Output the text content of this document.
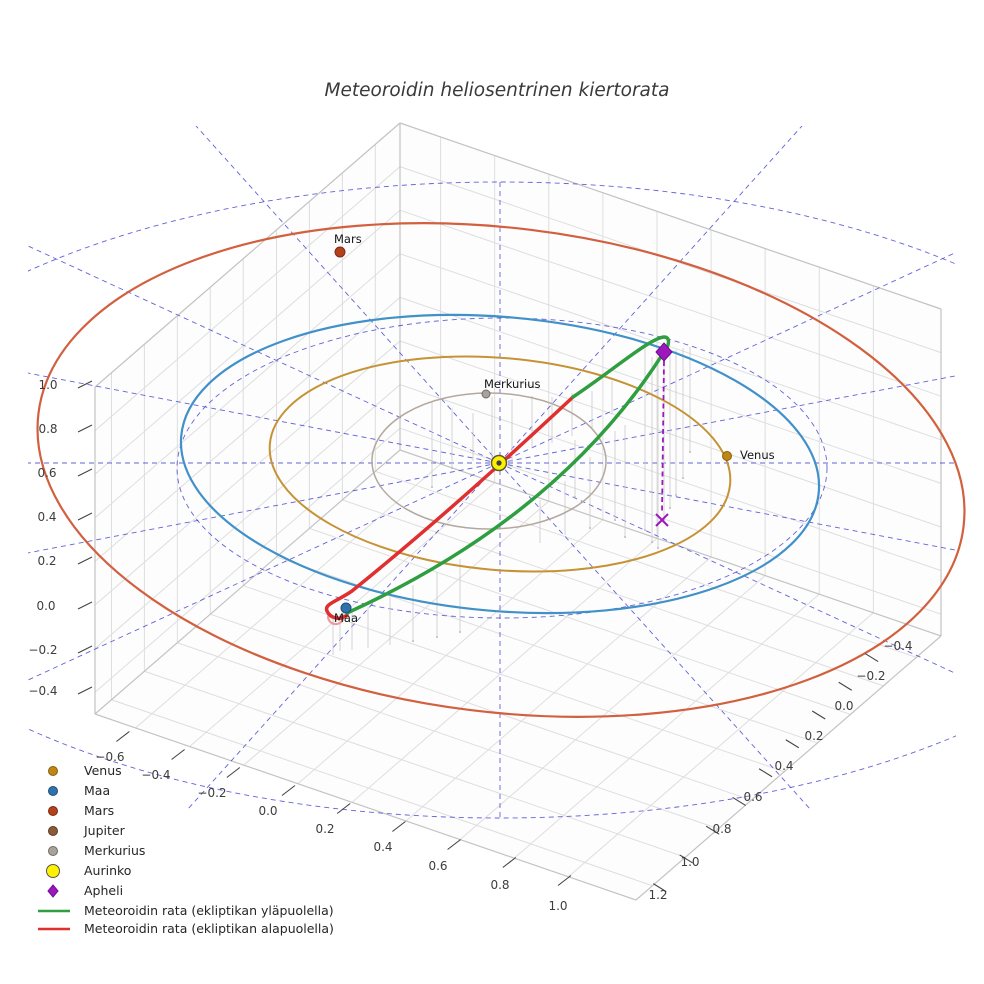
Merkurius
Venus
Maa
Mars
−0.6
−0.4
−0.2
0.0
0.2
0.4
0.6
0.8
1.0
−0.4
−0.2
0.0
0.2
0.4
0.6
0.8
1.0
1.2
1.0
0.8
0.6
0.4
0.2
0.0
−0.2
−0.4
Meteoroidin heliosentrinen kiertorata
Venus
Maa
Mars
Jupiter
Merkurius
Aurinko
Apheli
Meteoroidin rata (ekliptikan yläpuolella)
Meteoroidin rata (ekliptikan alapuolella)
